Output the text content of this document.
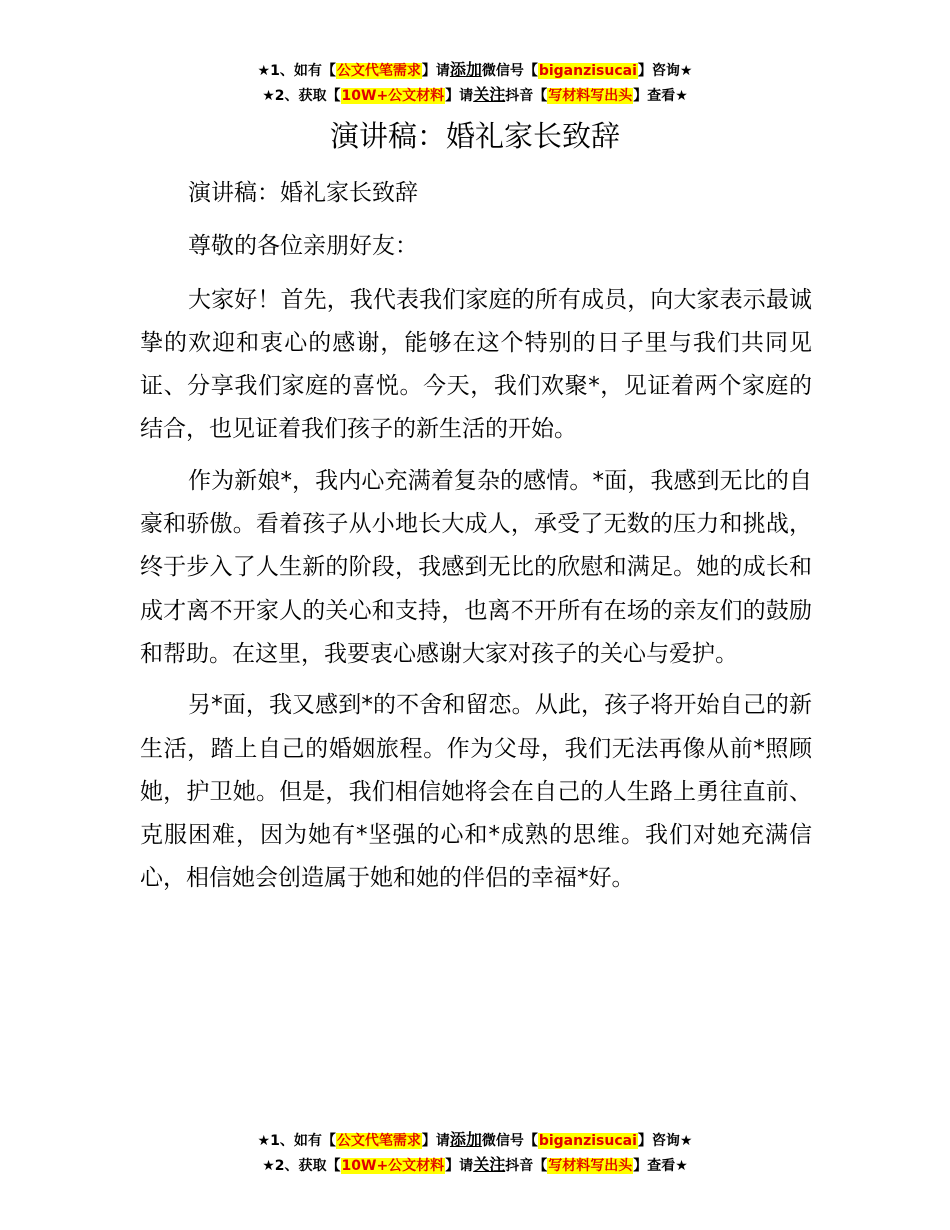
★1、如有【公文代笔需求】请添加微信号【biganzisucai】咨询★
★2、获取【10W+公文材料】请关注抖音【写材料写出头】查看★
演讲稿：婚礼家长致辞

演讲稿：婚礼家长致辞

尊敬的各位亲朋好友：

大家好！首先，我代表我们家庭的所有成员，向大家表示最诚挚的欢迎和衷心的感谢，能够在这个特别的日子里与我们共同见证、分享我们家庭的喜悦。今天，我们欢聚*，见证着两个家庭的结合，也见证着我们孩子的新生活的开始。

作为新娘*，我内心充满着复杂的感情。*面，我感到无比的自豪和骄傲。看着孩子从小地长大成人，承受了无数的压力和挑战，终于步入了人生新的阶段，我感到无比的欣慰和满足。她的成长和成才离不开家人的关心和支持，也离不开所有在场的亲友们的鼓励和帮助。在这里，我要衷心感谢大家对孩子的关心与爱护。

另*面，我又感到*的不舍和留恋。从此，孩子将开始自己的新生活，踏上自己的婚姻旅程。作为父母，我们无法再像从前*照顾她，护卫她。但是，我们相信她将会在自己的人生路上勇往直前、克服困难，因为她有*坚强的心和*成熟的思维。我们对她充满信心，相信她会创造属于她和她的伴侣的幸福*好。

★1、如有【公文代笔需求】请添加微信号【biganzisucai】咨询★
★2、获取【10W+公文材料】请关注抖音【写材料写出头】查看★
